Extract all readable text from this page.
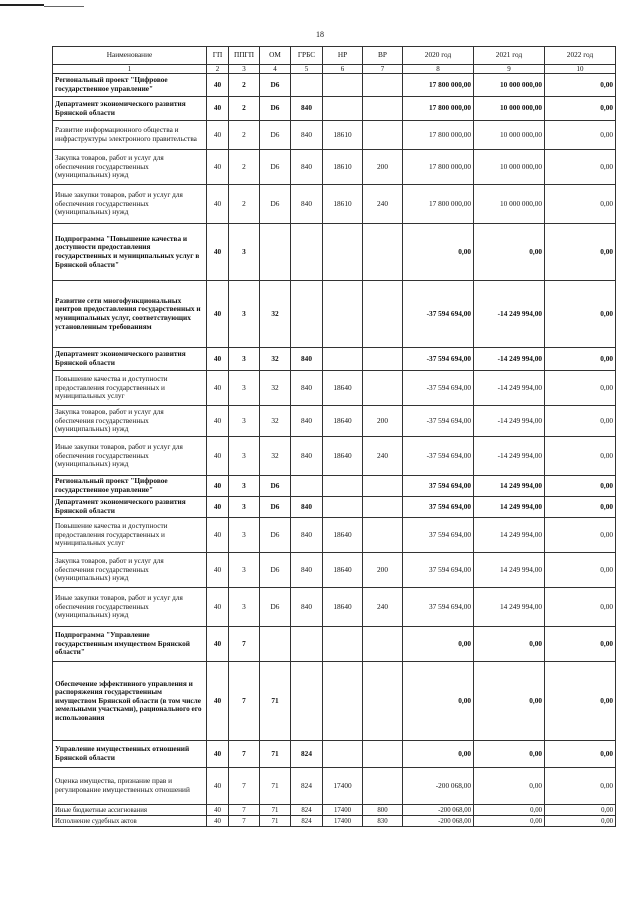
18
Наименование	ГП	ППГП	ОМ	ГРБС	НР	ВР	2020 год	2021 год	2022 год
1	2	3	4	5	6	7	8	9	10
Региональный проект "Цифровое государственное управление"	40	2	D6				17 800 000,00	10 000 000,00	0,00
Департамент экономического развития Брянской области	40	2	D6	840			17 800 000,00	10 000 000,00	0,00
Развитие информационного общества и инфраструктуры электронного правительства	40	2	D6	840	18610		17 800 000,00	10 000 000,00	0,00
Закупка товаров, работ и услуг для обеспечения государственных (муниципальных) нужд	40	2	D6	840	18610	200	17 800 000,00	10 000 000,00	0,00
Иные закупки товаров, работ и услуг для обеспечения государственных (муниципальных) нужд	40	2	D6	840	18610	240	17 800 000,00	10 000 000,00	0,00
Подпрограмма "Повышение качества и доступности предоставления государственных и муниципальных услуг в Брянской области"	40	3					0,00	0,00	0,00
Развитие сети многофункциональных центров предоставления государственных и муниципальных услуг, соответствующих установленным требованиям	40	3	32				-37 594 694,00	-14 249 994,00	0,00
Департамент экономического развития Брянской области	40	3	32	840			-37 594 694,00	-14 249 994,00	0,00
Повышение качества и доступности предоставления государственных и муниципальных услуг	40	3	32	840	18640		-37 594 694,00	-14 249 994,00	0,00
Закупка товаров, работ и услуг для обеспечения государственных (муниципальных) нужд	40	3	32	840	18640	200	-37 594 694,00	-14 249 994,00	0,00
Иные закупки товаров, работ и услуг для обеспечения государственных (муниципальных) нужд	40	3	32	840	18640	240	-37 594 694,00	-14 249 994,00	0,00
Региональный проект "Цифровое государственное управление"	40	3	D6				37 594 694,00	14 249 994,00	0,00
Департамент экономического развития Брянской области	40	3	D6	840			37 594 694,00	14 249 994,00	0,00
Повышение качества и доступности предоставления государственных и муниципальных услуг	40	3	D6	840	18640		37 594 694,00	14 249 994,00	0,00
Закупка товаров, работ и услуг для обеспечения государственных (муниципальных) нужд	40	3	D6	840	18640	200	37 594 694,00	14 249 994,00	0,00
Иные закупки товаров, работ и услуг для обеспечения государственных (муниципальных) нужд	40	3	D6	840	18640	240	37 594 694,00	14 249 994,00	0,00
Подпрограмма "Управление государственным имуществом Брянской области"	40	7					0,00	0,00	0,00
Обеспечение эффективного управления и распоряжения государственным имуществом Брянской области (в том числе земельными участками), рационального его использования	40	7	71				0,00	0,00	0,00
Управление имущественных отношений Брянской области	40	7	71	824			0,00	0,00	0,00
Оценка имущества, признание прав и регулирование имущественных отношений	40	7	71	824	17400		-200 068,00	0,00	0,00
Иные бюджетные ассигнования	40	7	71	824	17400	800	-200 068,00	0,00	0,00
Исполнение судебных актов	40	7	71	824	17400	830	-200 068,00	0,00	0,00
